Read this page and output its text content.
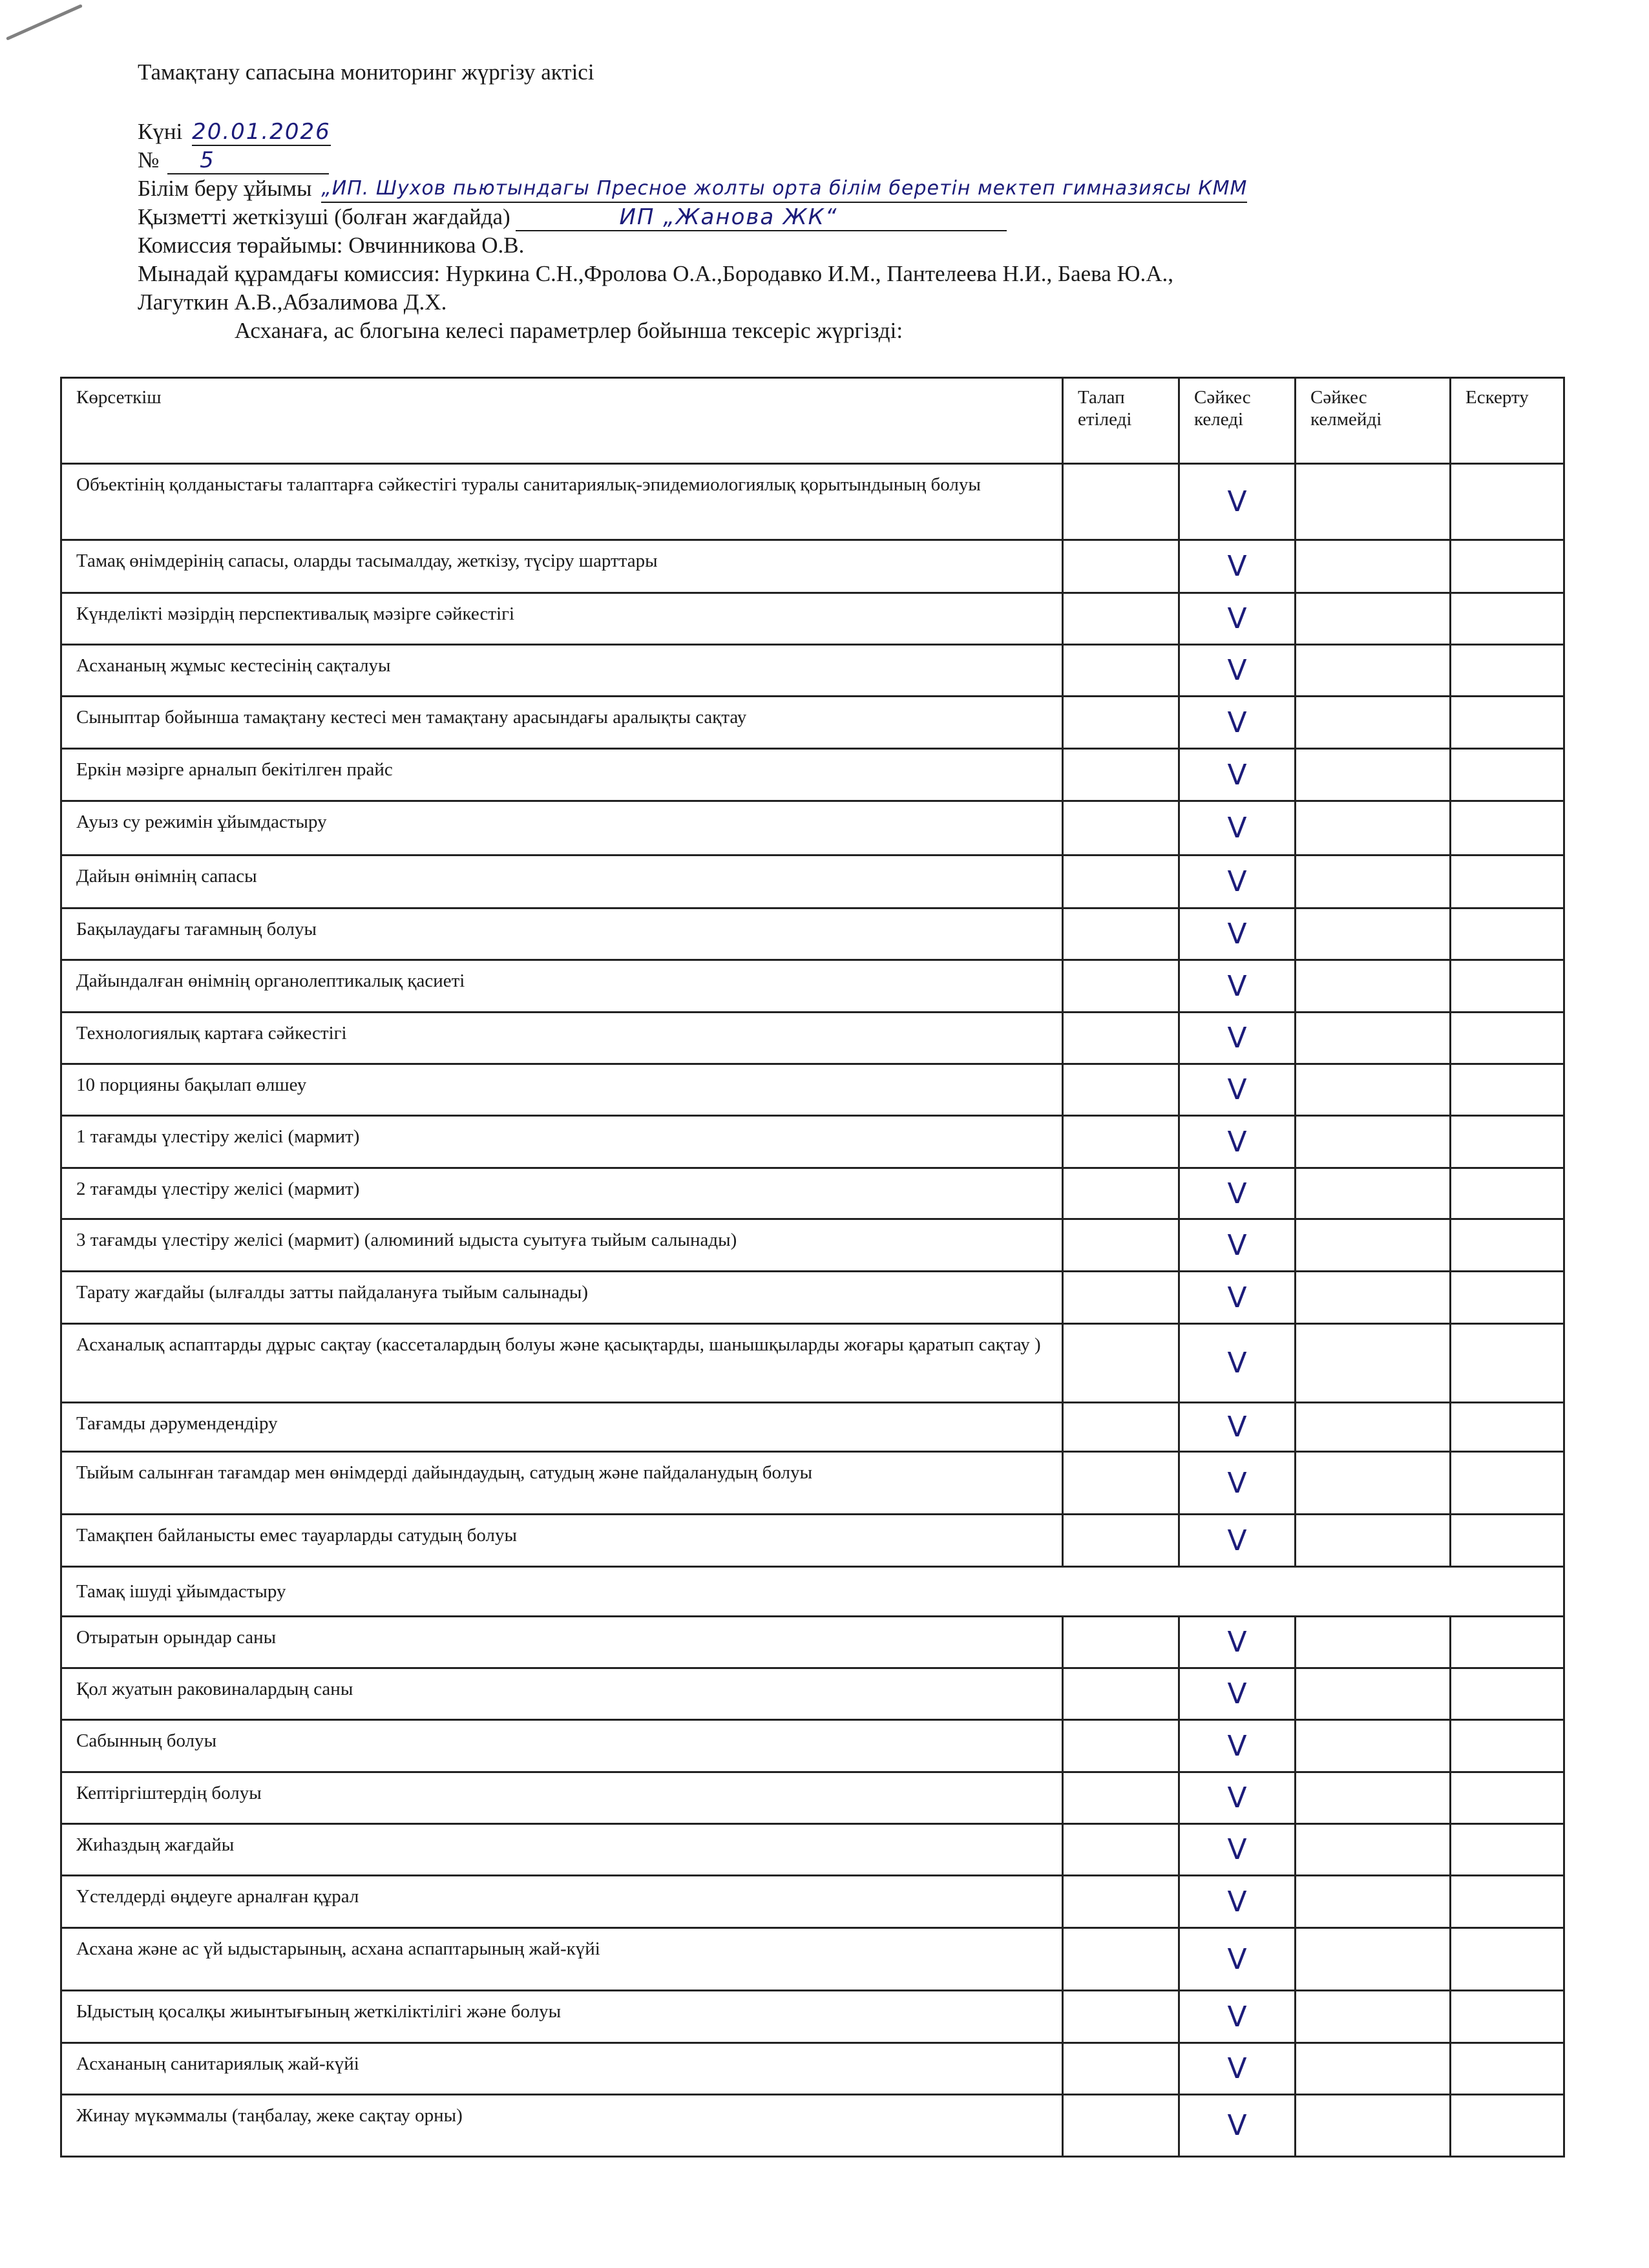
Тамақтану сапасына мониторинг жүргізу актісі
Күні 20.01.2026
№ 5
Білім беру ұйымы „ИП. Шухов пьютындагы Пресное жолты орта білім беретін мектеп гимназиясы КММ
Қызметті жеткізуші (болған жағдайда)	ИП „Жанова ЖК“
Комиссия төрайымы: Овчинникова О.В.
Мынадай құрамдағы комиссия: Нуркина С.Н.,Фролова О.А.,Бородавко И.М., Пантелеева Н.И., Баева Ю.А.,
Лагуткин А.В.,Абзалимова Д.Х.
Асханаға, ас блогына келесі параметрлер бойынша тексеріс жүргізді:
Көрсеткіш	Талап етіледі	Сәйкес келеді	Сәйкес келмейді	Ескерту
Объектінің қолданыстағы талаптарға сәйкестігі туралы санитариялық-эпидемиологиялық қорытындының болуы		V		
Тамақ өнімдерінің сапасы, оларды тасымалдау, жеткізу, түсіру шарттары		V		
Күнделікті мәзірдің перспективалық мәзірге сәйкестігі		V		
Асхананың жұмыс кестесінің сақталуы		V		
Сыныптар бойынша тамақтану кестесі мен тамақтану арасындағы аралықты сақтау		V		
Еркін мәзірге арналып бекітілген прайс		V		
Ауыз су режимін ұйымдастыру		V		
Дайын өнімнің сапасы		V		
Бақылаудағы тағамның болуы		V		
Дайындалған өнімнің органолептикалық қасиеті		V		
Технологиялық картаға сәйкестігі		V		
10 порцияны бақылап өлшеу		V		
1 тағамды үлестіру желісі (мармит)		V		
2 тағамды үлестіру желісі (мармит)		V		
3 тағамды үлестіру желісі (мармит) (алюминий ыдыста суытуға тыйым салынады)		V		
Тарату жағдайы (ылғалды затты пайдалануға тыйым салынады)		V		
Асханалық аспаптарды дұрыс сақтау (кассеталардың болуы және қасықтарды, шанышқыларды жоғары қаратып сақтау )		V		
Тағамды дәрумендендіру		V		
Тыйым салынған тағамдар мен өнімдерді дайындаудың, сатудың және пайдаланудың болуы		V		
Тамақпен байланысты емес тауарларды сатудың болуы		V		
Тамақ ішуді ұйымдастыру				
Отыратын орындар саны		V		
Қол жуатын раковиналардың саны		V		
Сабынның болуы		V		
Кептіргіштердің болуы		V		
Жиһаздың жағдайы		V		
Үстелдерді өңдеуге арналған құрал		V		
Асхана және ас үй ыдыстарының, асхана аспаптарының жай-күйі		V		
Ыдыстың қосалқы жиынтығының жеткіліктілігі және болуы		V		
Асхананың санитариялық жай-күйі		V		
Жинау мүкәммалы (таңбалау, жеке сақтау орны)		V		
